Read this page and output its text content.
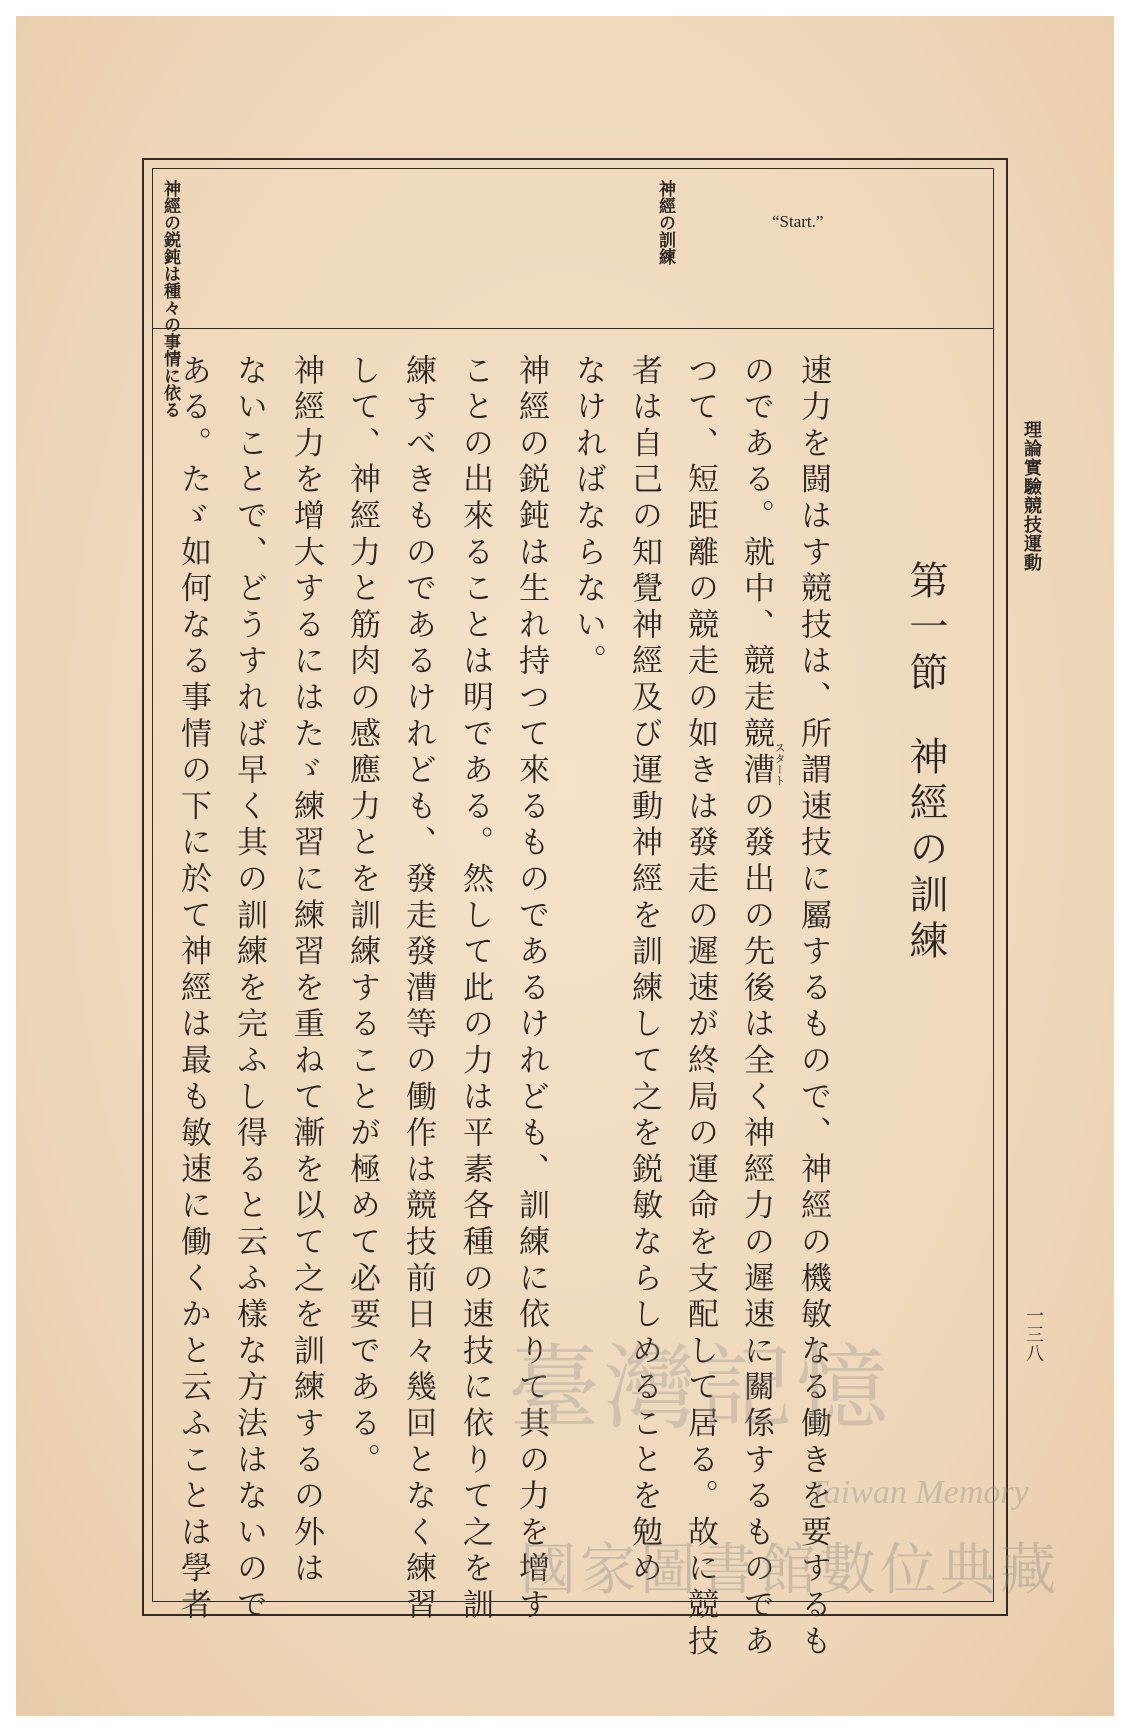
理論實驗競技運動
一三八
神經の鋭鈍は種々の事情に依る	神經の訓練	“Start.”
第一節神經の訓練
速力を闘はす競技は、所謂速技に屬するもので、神經の機敏なる働きを要するも
のである。就中、競走競漕の發出の先後は全く神經力の遲速に關係するものであ
つて、短距離の競走の如きは發走の遲速が終局の運命を支配して居る。故に競技
者は自己の知覺神經及び運動神經を訓練して之を鋭敏ならしめることを勉め
なければならない。
神經の鋭鈍は生れ持つて來るものであるけれども、訓練に依りて其の力を增す
ことの出來ることは明である。然して此の力は平素各種の速技に依りて之を訓
練すべきものであるけれども、發走發漕等の働作は競技前日々幾回となく練習
して、神經力と筋肉の感應力とを訓練することが極めて必要である。
神經力を增大するにはたゞ練習に練習を重ねて漸を以て之を訓練するの外は
ないことで、どうすれば早く其の訓練を完ふし得ると云ふ樣な方法はないので
ある。たゞ如何なる事情の下に於て神經は最も敏速に働くかと云ふことは學者	スタート
臺灣記憶
Taiwan Memory
國家圖書館數位典藏
